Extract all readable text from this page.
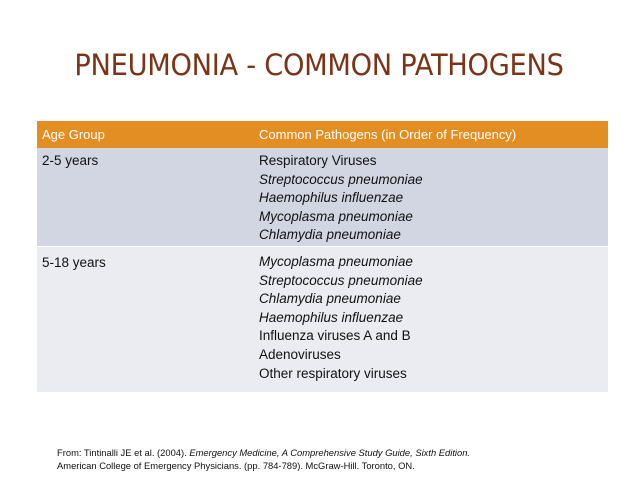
PNEUMONIA - COMMON PATHOGENS
Age Group	Common Pathogens (in Order of Frequency)
2-5 years	Respiratory Viruses
Streptococcus pneumoniae
Haemophilus influenzae
Mycoplasma pneumoniae
Chlamydia pneumoniae
5-18 years	Mycoplasma pneumoniae
Streptococcus pneumoniae
Chlamydia pneumoniae
Haemophilus influenzae
Influenza viruses A and B
Adenoviruses
Other respiratory viruses
From: Tintinalli JE et al. (2004). Emergency Medicine, A Comprehensive Study Guide, Sixth Edition.
American College of Emergency Physicians. (pp. 784-789). McGraw-Hill. Toronto, ON.
